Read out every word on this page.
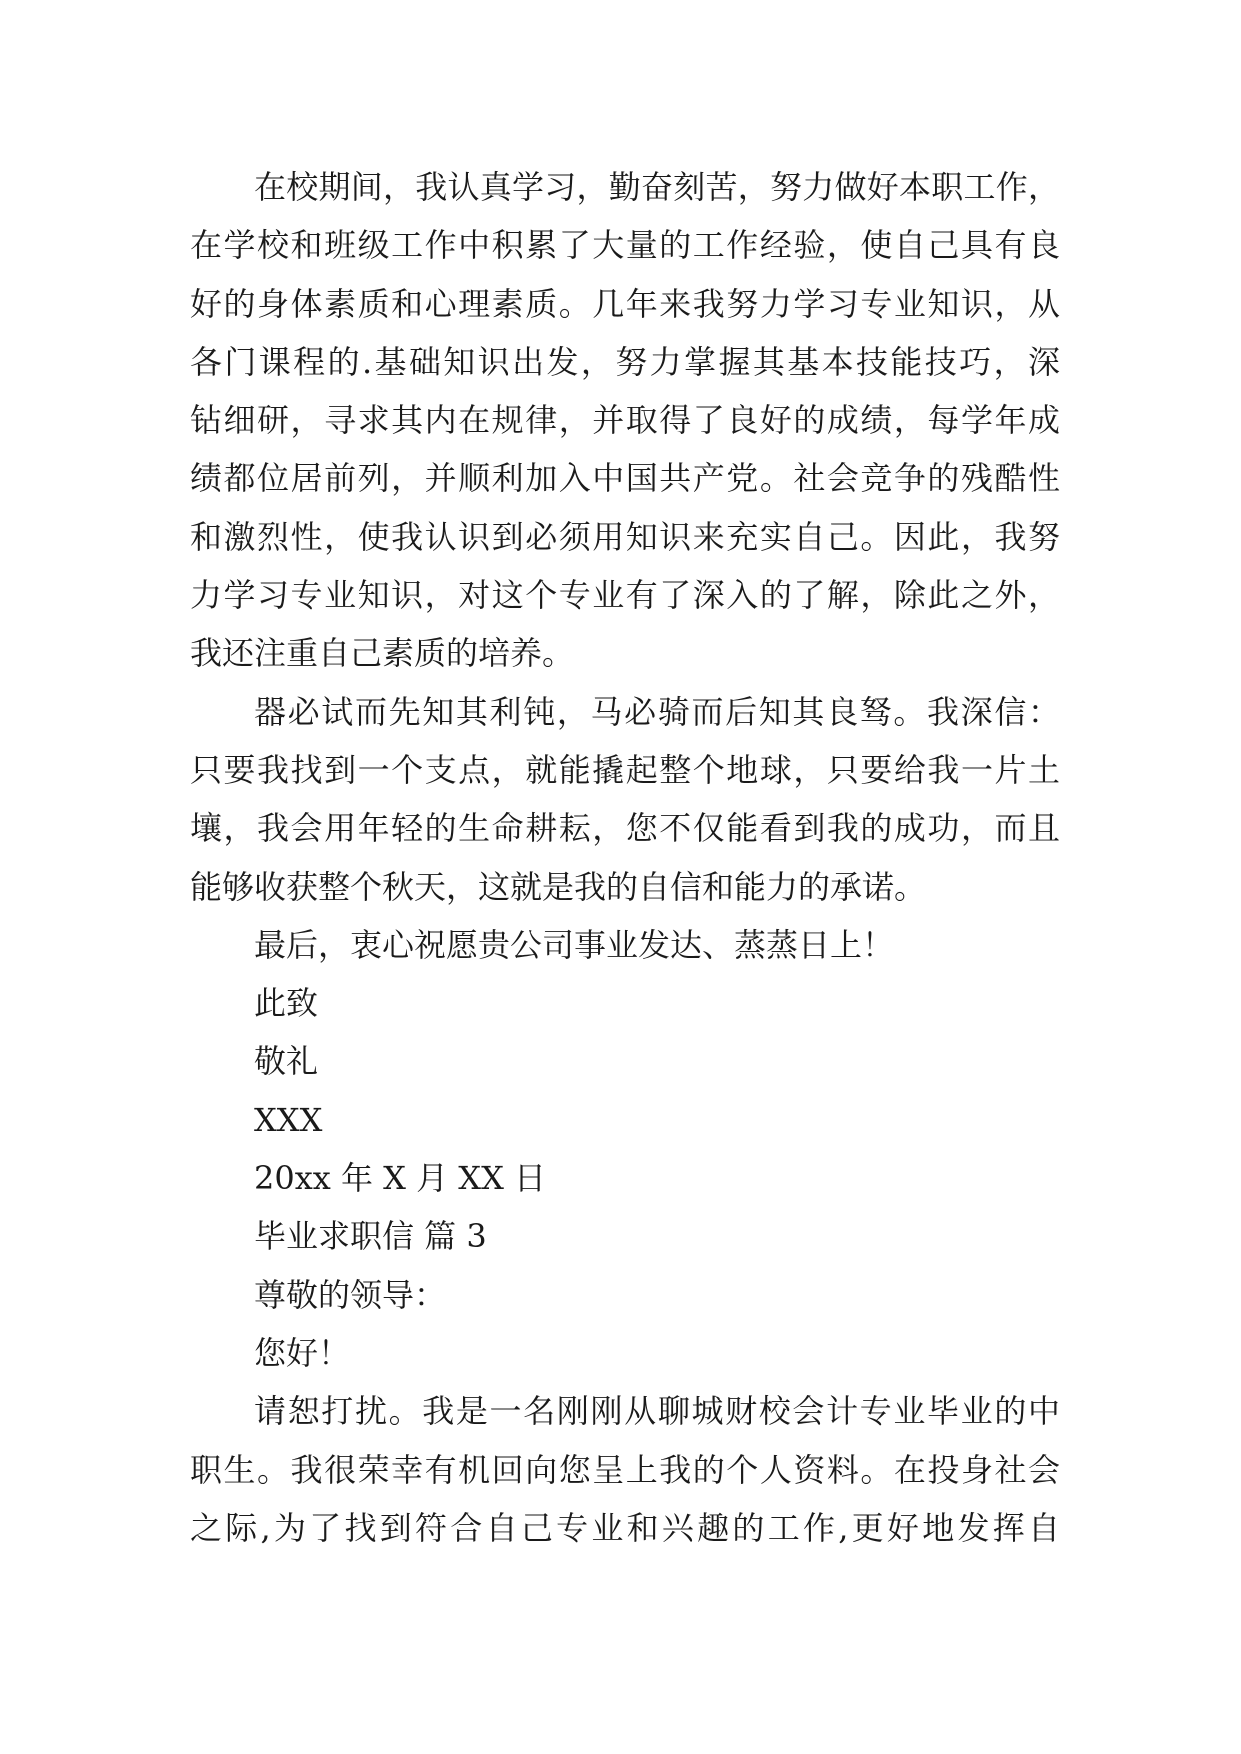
在校期间，我认真学习，勤奋刻苦，努力做好本职工作，
在学校和班级工作中积累了大量的工作经验，使自己具有良
好的身体素质和心理素质。几年来我努力学习专业知识，从
各门课程的.基础知识出发，努力掌握其基本技能技巧，深
钻细研，寻求其内在规律，并取得了良好的成绩，每学年成
绩都位居前列，并顺利加入中国共产党。社会竞争的残酷性
和激烈性，使我认识到必须用知识来充实自己。因此，我努
力学习专业知识，对这个专业有了深入的了解，除此之外，
我还注重自己素质的培养。
器必试而先知其利钝，马必骑而后知其良驽。我深信：
只要我找到一个支点，就能撬起整个地球，只要给我一片土
壤，我会用年轻的生命耕耘，您不仅能看到我的成功，而且
能够收获整个秋天，这就是我的自信和能力的承诺。
最后，衷心祝愿贵公司事业发达、蒸蒸日上！
此致
敬礼
XXX
20xx 年 X 月 XX 日
毕业求职信 篇 3
尊敬的领导：
您好！
请恕打扰。我是一名刚刚从聊城财校会计专业毕业的中
职生。我很荣幸有机回向您呈上我的个人资料。在投身社会
之际,为了找到符合自己专业和兴趣的工作,更好地发挥自
